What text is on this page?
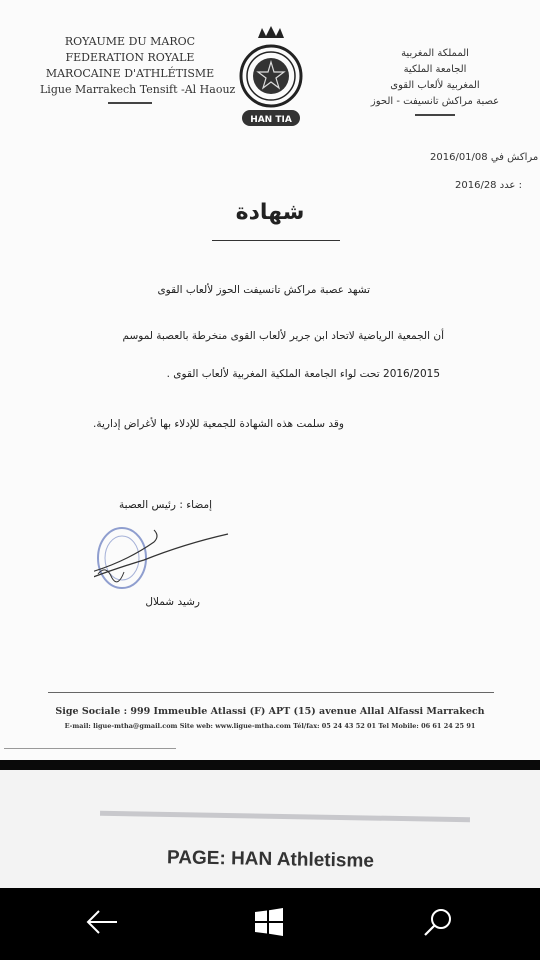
ROYAUME DU MAROC
FEDERATION ROYALE
MAROCAINE D'ATHLÉTISME
Ligue Marrakech Tensift -Al Haouz
HAN TIA
المملكة المغربية
الجامعة الملكية
المغربية لألعاب القوى
عصبة مراكش تانسيفت - الحوز
2016/01/08 مراكش في
2016/28 عدد :
شهادة
تشهد عصبة مراكش تانسيفت الحوز لألعاب القوى
أن الجمعية الرياضية لاتحاد ابن جرير لألعاب القوى منخرطة بالعصبة لموسم
2016/2015 تحت لواء الجامعة الملكية المغربية لألعاب القوى .
وقد سلمت هذه الشهادة للجمعية للإدلاء بها لأغراض إدارية.
إمضاء : رئيس العصبة
رشيد شملال
Sige Sociale : 999 Immeuble Atlassi (F) APT (15) avenue Allal Alfassi Marrakech
E-mail: ligue-mtha@gmail.com Site web: www.ligue-mtha.com Tél/fax: 05 24 43 52 01 Tel Mobile: 06 61 24 25 91
PAGE: HAN Athletisme
